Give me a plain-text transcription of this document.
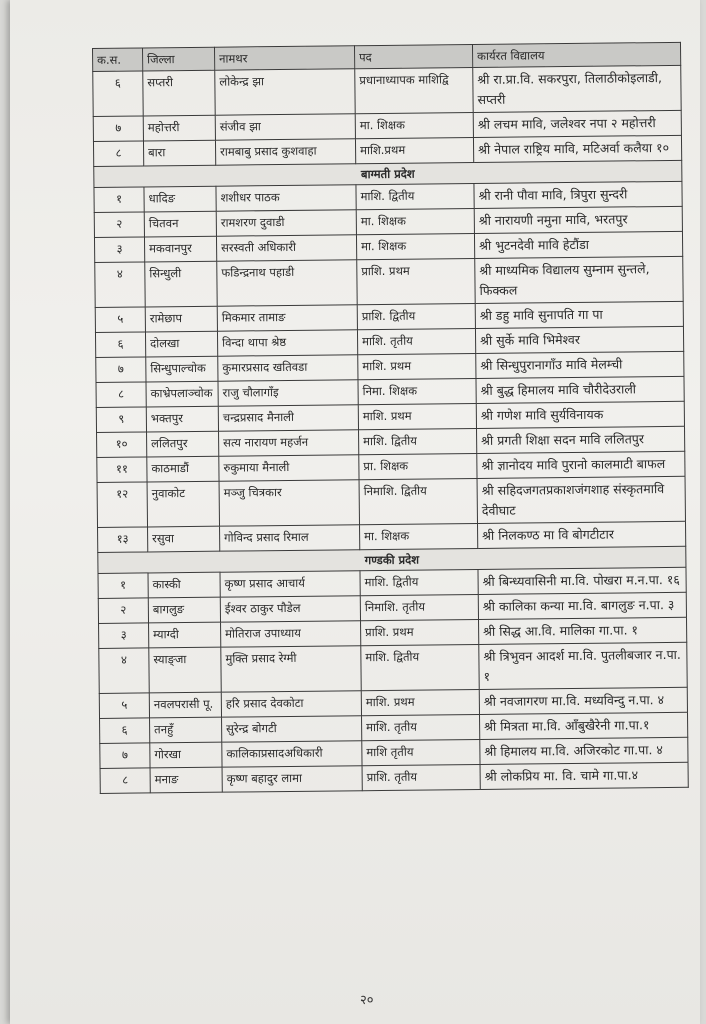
क.स.	जिल्ला	नामथर	पद	कार्यरत विद्यालय
६	सप्तरी	लोकेन्द्र झा	प्रधानाध्यापक माशिद्वि	श्री रा.प्रा.वि. सकरपुरा, तिलाठीकोइलाडी, सप्तरी
७	महोत्तरी	संजीव झा	मा. शिक्षक	श्री लचम मावि, जलेश्वर नपा २ महोत्तरी
८	बारा	रामबाबु प्रसाद कुशवाहा	माशि.प्रथम	श्री नेपाल राष्ट्रिय मावि, मटिअर्वा कलैया १०
बाग्मती प्रदेश				
१	धादिङ	शशीधर पाठक	माशि. द्वितीय	श्री रानी पौवा मावि, त्रिपुरा सुन्दरी
२	चितवन	रामशरण दुवाडी	मा. शिक्षक	श्री नारायणी नमुना मावि, भरतपुर
३	मकवानपुर	सरस्वती अधिकारी	मा. शिक्षक	श्री भुटनदेवी मावि हेटौंडा
४	सिन्धुली	फडिन्द्रनाथ पहाडी	प्राशि. प्रथम	श्री माध्यमिक विद्यालय सुम्नाम सुन्तले, फिक्कल
५	रामेछाप	मिकमार तामाङ	प्राशि. द्वितीय	श्री डहु मावि सुनापति गा पा
६	दोलखा	विन्दा थापा श्रेष्ठ	माशि. तृतीय	श्री सुर्के मावि भिमेश्वर
७	सिन्धुपाल्चोक	कुमारप्रसाद खतिवडा	माशि. प्रथम	श्री सिन्धुपुरानागाँउ मावि मेलम्ची
८	काभ्रेपलाञ्चोक	राजु चौलागाँइ	निमा. शिक्षक	श्री बुद्ध हिमालय मावि चौरीदेउराली
९	भक्तपुर	चन्द्रप्रसाद मैनाली	माशि. प्रथम	श्री गणेश मावि सुर्यविनायक
१०	ललितपुर	सत्य नारायण महर्जन	माशि. द्वितीय	श्री प्रगती शिक्षा सदन मावि ललितपुर
११	काठमाडौं	रुकुमाया मैनाली	प्रा. शिक्षक	श्री ज्ञानोदय मावि पुरानो कालमाटी बाफल
१२	नुवाकोट	मञ्जु चित्रकार	निमाशि. द्वितीय	श्री सहिदजगतप्रकाशजंगशाह संस्कृतमावि देवीघाट
१३	रसुवा	गोविन्द प्रसाद रिमाल	मा. शिक्षक	श्री निलकण्ठ मा वि बोगटीटार
गण्डकी प्रदेश				
१	कास्की	कृष्ण प्रसाद आचार्य	माशि. द्वितीय	श्री बिन्ध्यवासिनी मा.वि. पोखरा म.न.पा. १६
२	बागलुङ	ईश्वर ठाकुर पौडेल	निमाशि. तृतीय	श्री कालिका कन्या मा.वि. बागलुङ न.पा. ३
३	म्याग्दी	मोतिराज उपाध्याय	प्राशि. प्रथम	श्री सिद्ध आ.वि. मालिका गा.पा. १
४	स्याङ्जा	मुक्ति प्रसाद रेग्मी	माशि. द्वितीय	श्री त्रिभुवन आदर्श मा.वि. पुतलीबजार न.पा. १
५	नवलपरासी पू.	हरि प्रसाद देवकोटा	माशि. प्रथम	श्री नवजागरण मा.वि. मध्यविन्दु न.पा. ४
६	तनहुँ	सुरेन्द्र बोगटी	माशि. तृतीय	श्री मित्रता मा.वि. आँबुखैरेनी गा.पा.१
७	गोरखा	कालिकाप्रसादअधिकारी	माशि तृतीय	श्री हिमालय मा.वि. अजिरकोट गा.पा. ४
८	मनाङ	कृष्ण बहादुर लामा	प्राशि. तृतीय	श्री लोकप्रिय मा. वि. चामे गा.पा.४
२०
